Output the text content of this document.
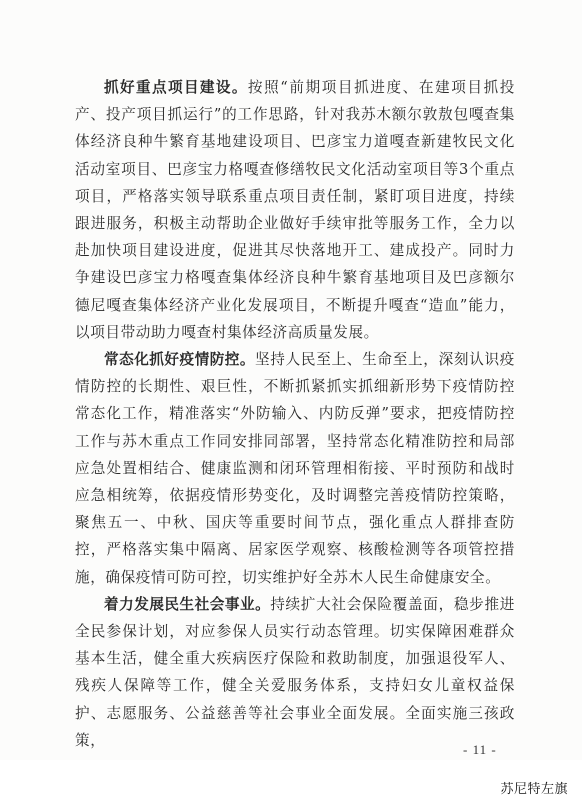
抓好重点项目建设。按照“前期项目抓进度、在建项目抓投产、投产项目抓运行”的工作思路，针对我苏木额尔敦敖包嘎查集体经济良种牛繁育基地建设项目、巴彦宝力道嘎查新建牧民文化活动室项目、巴彦宝力格嘎查修缮牧民文化活动室项目等3个重点项目，严格落实领导联系重点项目责任制，紧盯项目进度，持续跟进服务，积极主动帮助企业做好手续审批等服务工作，全力以赴加快项目建设进度，促进其尽快落地开工、建成投产。同时力争建设巴彦宝力格嘎查集体经济良种牛繁育基地项目及巴彦额尔德尼嘎查集体经济产业化发展项目，不断提升嘎查“造血”能力，以项目带动助力嘎查村集体经济高质量发展。

常态化抓好疫情防控。坚持人民至上、生命至上，深刻认识疫情防控的长期性、艰巨性，不断抓紧抓实抓细新形势下疫情防控常态化工作，精准落实“外防输入、内防反弹”要求，把疫情防控工作与苏木重点工作同安排同部署，坚持常态化精准防控和局部应急处置相结合、健康监测和闭环管理相衔接、平时预防和战时应急相统筹，依据疫情形势变化，及时调整完善疫情防控策略，聚焦五一、中秋、国庆等重要时间节点，强化重点人群排查防控，严格落实集中隔离、居家医学观察、核酸检测等各项管控措施，确保疫情可防可控，切实维护好全苏木人民生命健康安全。

着力发展民生社会事业。持续扩大社会保险覆盖面，稳步推进全民参保计划，对应参保人员实行动态管理。切实保障困难群众基本生活，健全重大疾病医疗保险和救助制度，加强退役军人、残疾人保障等工作，健全关爱服务体系，支持妇女儿童权益保护、志愿服务、公益慈善等社会事业全面发展。全面实施三孩政策，

- 11 -
苏尼特左旗
